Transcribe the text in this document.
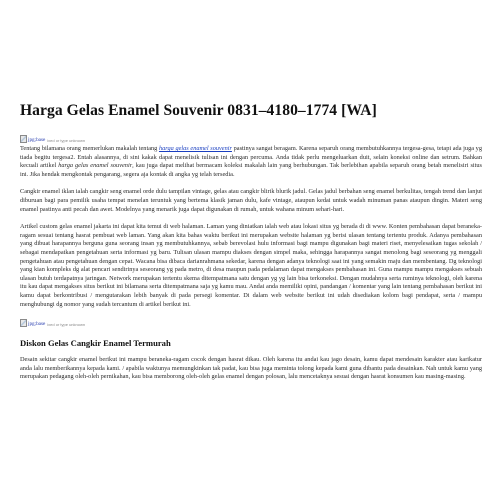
Harga Gelas Enamel Souvenir 0831–4180–1774 [WA]
jpg;base ixed or type unknown

Tentang bilamana orang memerlukan makalah tentang harga gelas enamel souvenir pastinya sangat beragam. Karena separuh orang membutuhkannya tergesa-gesa, tetapi ada juga yg tiada begitu tergesa2. Entah alasannya, di sini kakak dapat menelisik tulisan ini dengan percuma. Anda tidak perlu mengeluarkan duit, selain koneksi online dan setrum. Bahkan kecuali artikel harga gelas enamel souvenir, kau juga dapat melihat bermacam koleksi makalah lain yang berhubungan. Tak berlebihan apabila separuh orang betah menelisiri situs ini. Jika hendak mengkontak pengarang, segera aja kontak di angka yg telah tersedia.

Cangkir enamel iklan ialah cangkir seng enamel orde dulu tampilan vintage, gelas atau cangkir blirik blurik jadul. Gelas jadul berbahan seng enamel berkulitas, tengah trend dan lanjut diburuan bagi para pemilik usaha tempat menelan teruntuk yang bertema klasik jaman dulu, kafe vintage, ataupun kedai untuk wadah minuman panas ataupun dingin. Materi seng enamel pastinya anti pecah dan awet. Modelnya yang menarik juga dapat digunakan di rumah, untuk wahana minum sehari-hari.

Artikel custom gelas enamel jakarta ini dapat kita temui di web halaman. Laman yang diniatkan ialah web atau lokasi situs yg berada di di www. Konten pembahasan dapat beraneka-ragam sesuai tentang hasrat pembuat web laman. Yang akan kita bahas waktu berikut ini merupakan website halaman yg berisi ulasan tentang tertentu produk. Adanya pembahasan yang dibuat harapannya berguna guna seorang insan yg membutuhkannya, sebab berevolasi hulu informasi bagi mampu digunakan bagi materi riset, menyelesaikan tugas sekolah / sebagai mendapatkan pengetahuan serta informasi yg baru. Tulisan ulasan mampu diakses dengan simpel maka, sehingga harapannya sangat menolong bagi seseorang yg menggali pengetahuan atau pengetahuan dengan cepat. Wacana bisa dibaca darianrahmana sekedar, karena dengan adanya teknologi saat ini yang semakin maju dan membentang. Dg teknologi yang kian kompleks dg alat pencari sendirinya seseorang yg pada metro, di desa maupun pada pedalaman dapat mengakses pembahasan ini. Guna mampu mampu mengakses sebuah ulasan butuh terdapatnya jaringan. Network merupakan tertentu skema ditempatmana satu dengan yg yg lain bisa terkoneksi. Dengan mudahnya serta ruminya teknologi, oleh karena itu kau dapat mengakses situs berikut ini bilamana serta ditempatmana saja yg kamu mau. Andai anda memiliki opini, pandangan / komentar yang lain tentang pembahasan berikut ini kamu dapat berkontribusi / mengutarakan lebih banyak di pada persegi komentar. Di dalam web website berikut ini udah disediakan kolom bagi pendapat, serta / mampu menghubungi dg nomor yang sudah tercantum di artikel berikut ini.

jpg;base ixed or type unknown
Diskon Gelas Cangkir Enamel Termurah

Desain sekitar cangkir enamel berikut ini mampu beraneka-ragam cocok dengan hasrat dikau. Oleh karena itu andai kau jago desain, kamu dapat mendesain karakter atau karikatur anda lalu memberikannya kepada kami. / apabila waktunya memungkinkan tak padat, kau bisa juga meminta tolong kepada kami guna dibantu pada desainkan. Nah untuk kamu yang merupakan pedagang oleh-oleh pernikahan, kau bisa memborong oleh-oleh gelas enamel dengan polosan, lalu mencetaknya sesuai dengan hasrat konsumen kau masing-masing.
